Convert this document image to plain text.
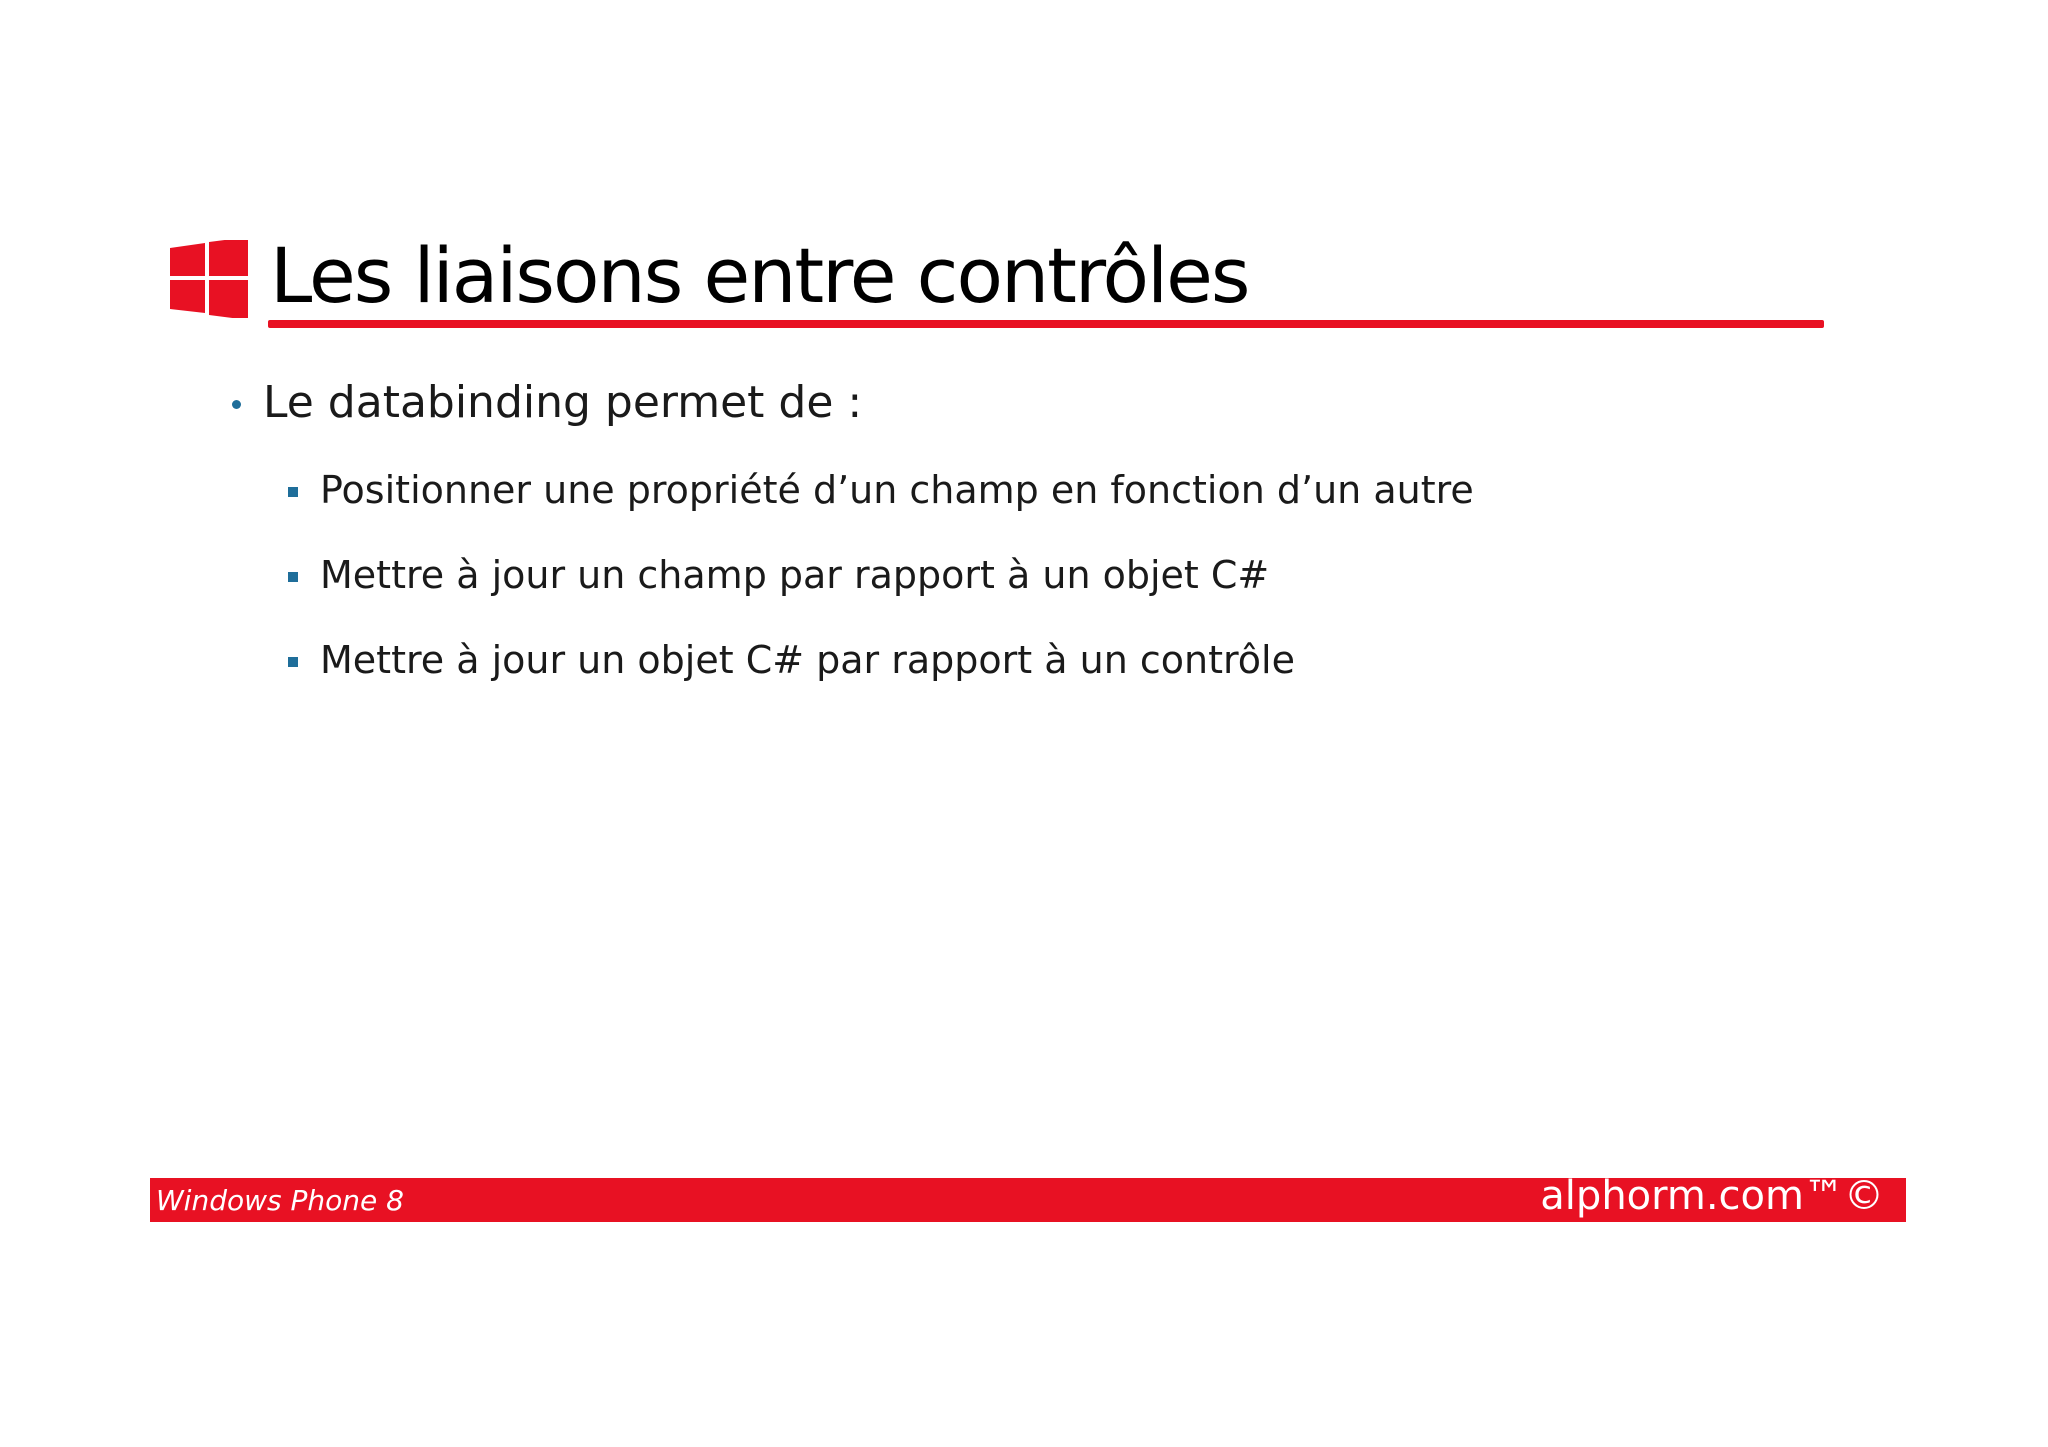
Les liaisons entre contrôles
Le databinding permet de :
Positionner une propriété d’un champ en fonction d’un autre
Mettre à jour un champ par rapport à un objet C#
Mettre à jour un objet C# par rapport à un contrôle
Windows Phone 8	alphorm.com™©
